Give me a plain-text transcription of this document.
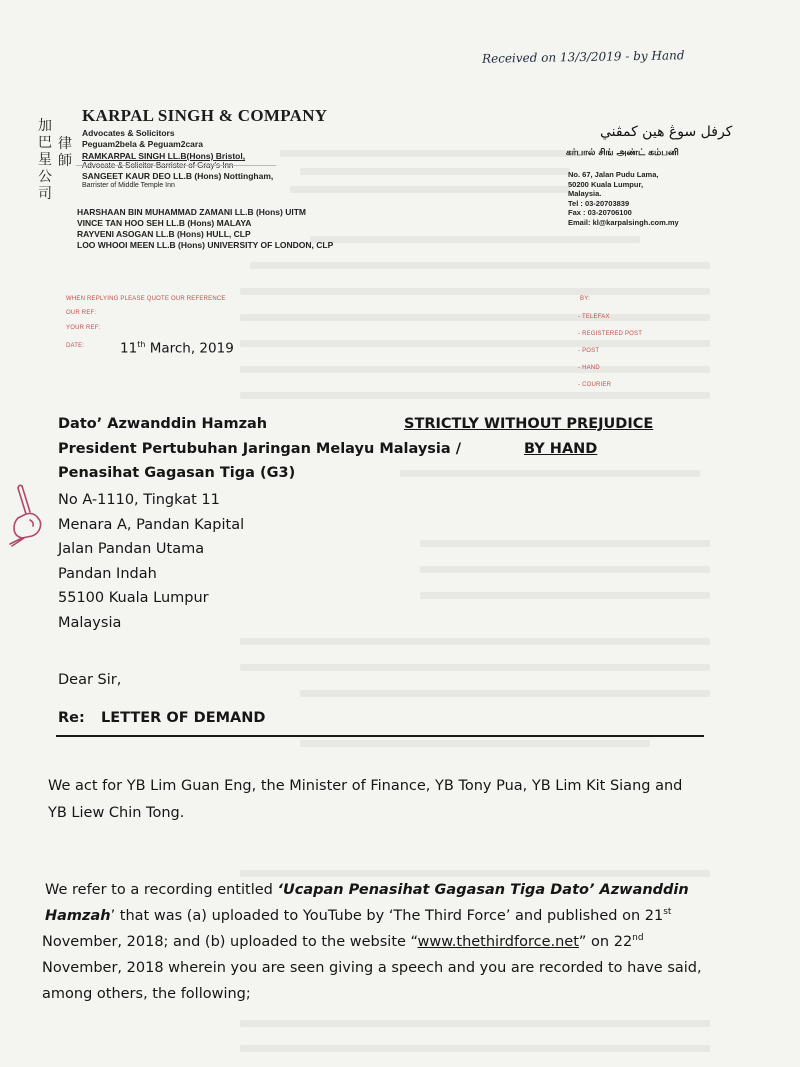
Received on 13/3/2019 - by Hand
加
巴
星
公
司
律
師
KARPAL SINGH & COMPANY
Advocates & Solicitors
Peguam2bela & Peguam2cara
RAMKARPAL SINGH LL.B(Hons) Bristol,
SANGEET KAUR DEO LL.B (Hons) Nottingham,
Barrister of Middle Temple Inn
HARSHAAN BIN MUHAMMAD ZAMANI LL.B (Hons) UITM
VINCE TAN HOO SEH LL.B (Hons) MALAYA
RAYVENI ASOGAN LL.B (Hons) HULL, CLP
LOO WHOOI MEEN LL.B (Hons) UNIVERSITY OF LONDON, CLP
كرفل سوڠ هين كمڤني
கர்பால் சிங் அண்ட் கம்பனி
No. 67, Jalan Pudu Lama,
50200 Kuala Lumpur,
Malaysia.
Tel : 03-20703839
Fax : 03-20706100
Email: kl@karpalsingh.com.my
WHEN REPLYING PLEASE QUOTE OUR REFERENCE
OUR REF:
YOUR REF:
DATE:	11th March, 2019
BY:
- TELEFAX
- REGISTERED POST
- POST
- HAND
- COURIER
Dato’ Azwanddin Hamzah
President Pertubuhan Jaringan Melayu Malaysia /
Penasihat Gagasan Tiga (G3)
STRICTLY WITHOUT PREJUDICE
BY HAND
No A-1110, Tingkat 11
Menara A, Pandan Kapital
Jalan Pandan Utama
Pandan Indah
55100 Kuala Lumpur
Malaysia
Dear Sir,
Re: LETTER OF DEMAND
We act for YB Lim Guan Eng, the Minister of Finance, YB Tony Pua, YB Lim Kit Siang and
YB Liew Chin Tong.
We refer to a recording entitled ‘Ucapan Penasihat Gagasan Tiga Dato’ Azwanddin
Hamzah’ that was (a) uploaded to YouTube by ‘The Third Force’ and published on 21st
November, 2018; and (b) uploaded to the website “www.thethirdforce.net” on 22nd
November, 2018 wherein you are seen giving a speech and you are recorded to have said,
among others, the following;
